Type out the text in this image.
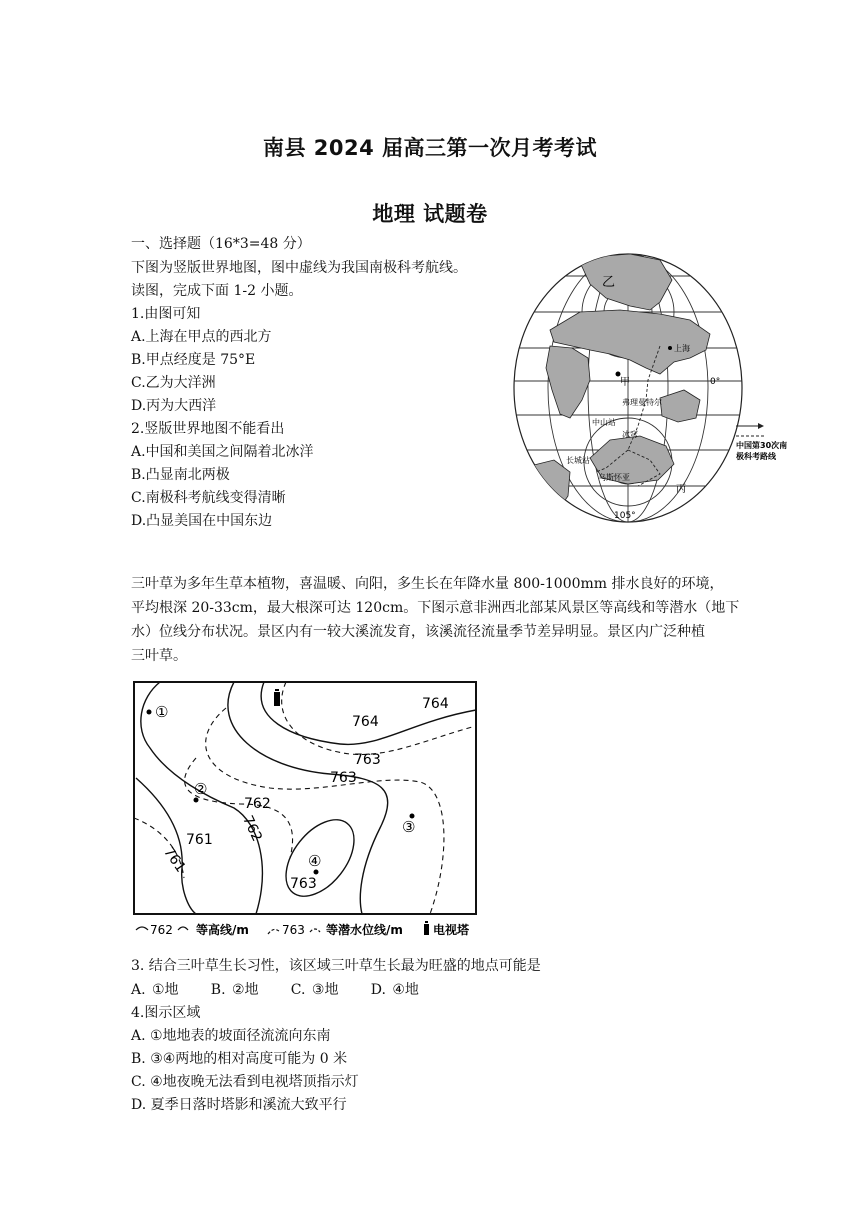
南县 2024 届高三第一次月考考试
地理 试题卷
一、选择题（16*3=48 分）
下图为竖版世界地图，图中虚线为我国南极科考航线。
读图，完成下面 1-2 小题。
1.由图可知
A.上海在甲点的西北方
B.甲点经度是 75°E
C.乙为大洋洲
D.丙为大西洋
2.竖版世界地图不能看出
A.中国和美国之间隔着北冰洋
B.凸显南北两极
C.南极科考航线变得清晰
D.凸显美国在中国东边
乙
上海
甲	0°
弗理曼特尔
中山站
冰穹
长城站
乌斯怀亚
丙
105°
中国第30次南
极科考路线
三叶草为多年生草本植物，喜温暖、向阳，多生长在年降水量 800-1000mm 排水良好的环境，
平均根深 20-33cm，最大根深可达 120cm。下图示意非洲西北部某风景区等高线和等潜水（地下
水）位线分布状况。景区内有一较大溪流发育，该溪流径流量季节差异明显。景区内广泛种植
三叶草。
764
764
763
763
762
762
761
761
763
①
②
③
④
762 等高线/m	763 等潜水位线/m	电视塔
3. 结合三叶草生长习性，该区域三叶草生长最为旺盛的地点可能是
A. ①地     B. ②地     C. ③地     D. ④地
4.图示区域
A. ①地地表的坡面径流流向东南
B. ③④两地的相对高度可能为 0 米
C. ④地夜晚无法看到电视塔顶指示灯
D. 夏季日落时塔影和溪流大致平行
